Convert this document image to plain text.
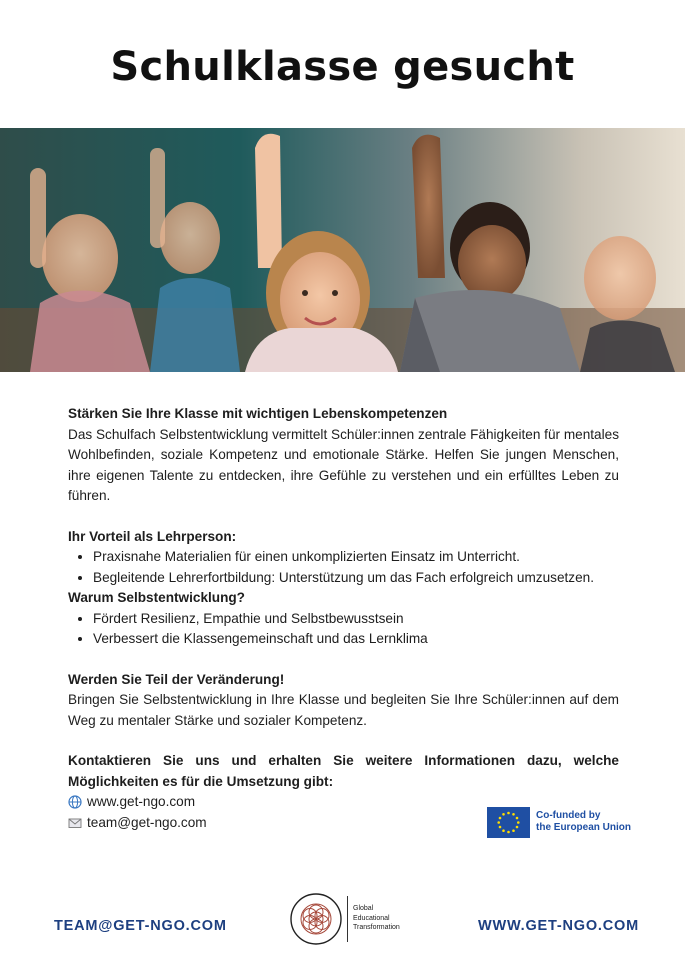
Schulklasse gesucht
Stärken Sie Ihre Klasse mit wichtigen Lebenskompetenzen
Das Schulfach Selbstentwicklung vermittelt Schüler:innen zentrale Fähigkeiten für mentales Wohlbefinden, soziale Kompetenz und emotionale Stärke. Helfen Sie jungen Menschen, ihre eigenen Talente zu entdecken, ihre Gefühle zu verstehen und ein erfülltes Leben zu führen.
Ihr Vorteil als Lehrperson:
• Praxisnahe Materialien für einen unkomplizierten Einsatz im Unterricht.
• Begleitende Lehrerfortbildung: Unterstützung um das Fach erfolgreich umzusetzen.
Warum Selbstentwicklung?
• Fördert Resilienz, Empathie und Selbstbewusstsein
• Verbessert die Klassengemeinschaft und das Lernklima
Werden Sie Teil der Veränderung!
Bringen Sie Selbstentwicklung in Ihre Klasse und begleiten Sie Ihre Schüler:innen auf dem Weg zu mentaler Stärke und sozialer Kompetenz.
Kontaktieren Sie uns und erhalten Sie weitere Informationen dazu, welche Möglichkeiten es für die Umsetzung gibt:
www.get-ngo.com
team@get-ngo.com	Co-funded by
the European Union
TEAM@GET-NGO.COM
Global
Educational
Transformation	WWW.GET-NGO.COM
